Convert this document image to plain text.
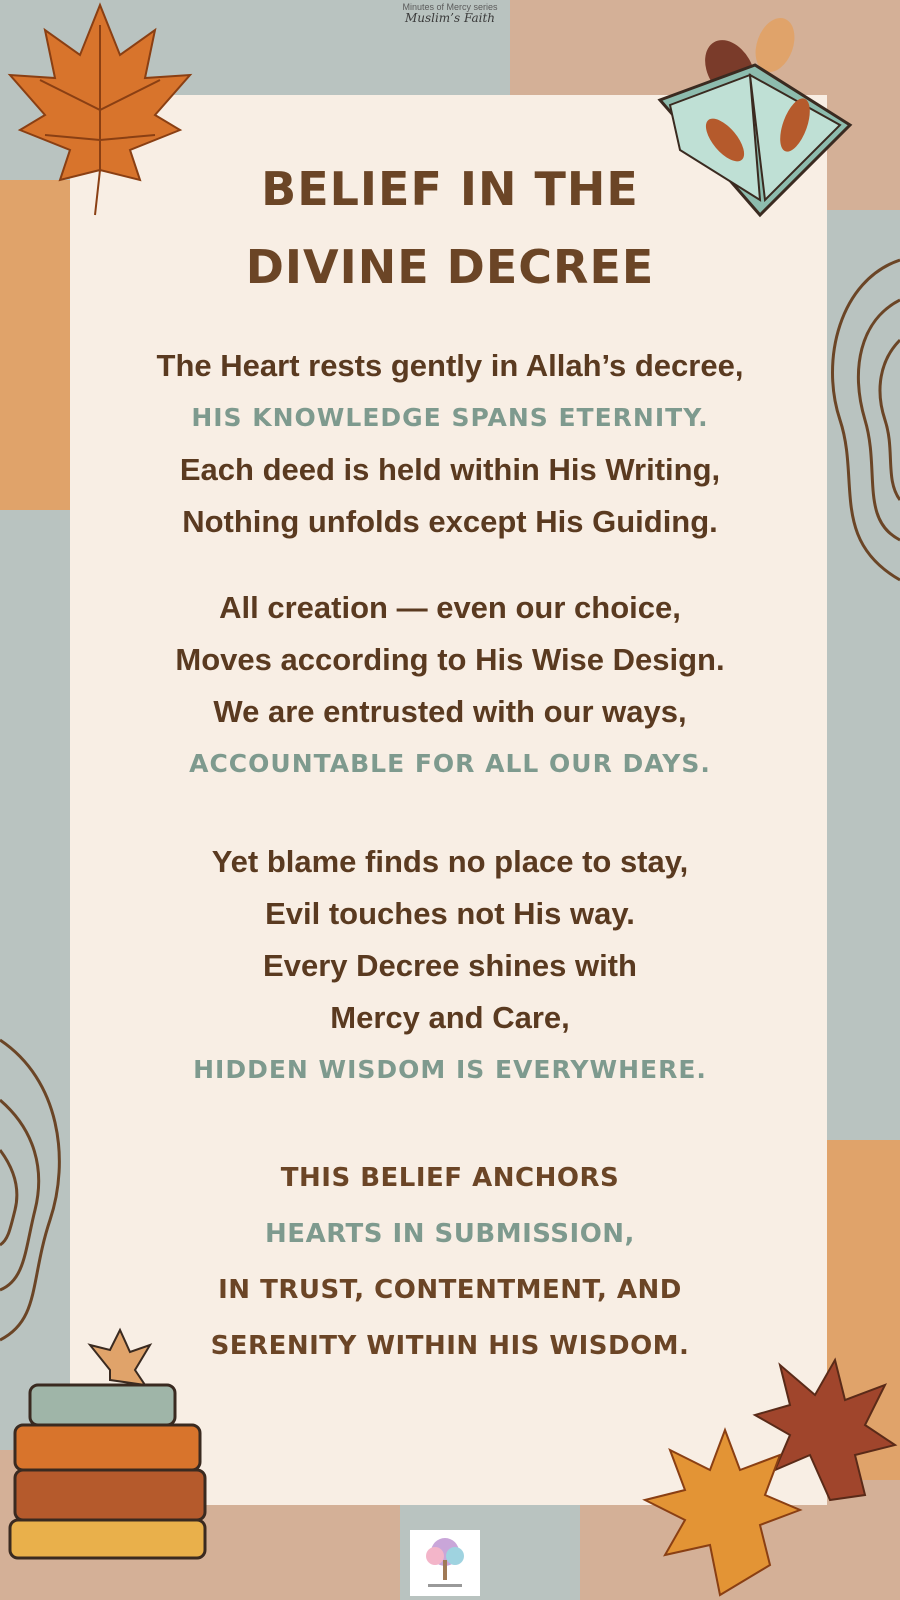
Minutes of Mercy series
Muslim’s Faith
BELIEF IN THE
DIVINE DECREE
The Heart rests gently in Allah’s decree,
HIS KNOWLEDGE SPANS ETERNITY.
Each deed is held within His Writing,
Nothing unfolds except His Guiding.
All creation — even our choice,
Moves according to His Wise Design.
We are entrusted with our ways,
ACCOUNTABLE FOR ALL OUR DAYS.
Yet blame finds no place to stay,
Evil touches not His way.
Every Decree shines with
Mercy and Care,
HIDDEN WISDOM IS EVERYWHERE.
THIS BELIEF ANCHORS
HEARTS IN SUBMISSION,
IN TRUST, CONTENTMENT, AND
SERENITY WITHIN HIS WISDOM.
